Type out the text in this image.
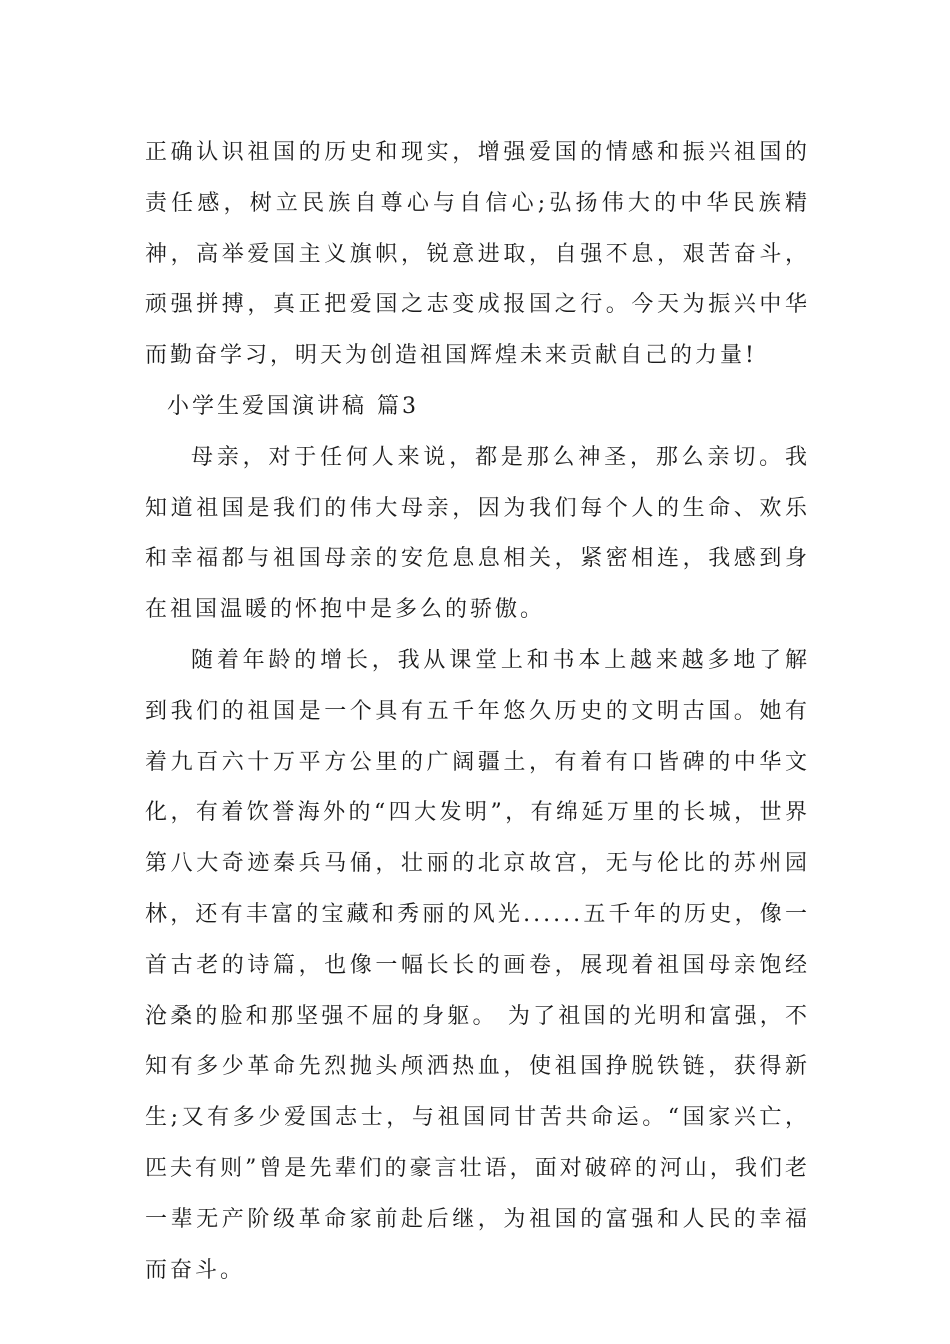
正确认识祖国的历史和现实，增强爱国的情感和振兴祖国的责任感，树立民族自尊心与自信心;弘扬伟大的中华民族精神，高举爱国主义旗帜，锐意进取，自强不息，艰苦奋斗，顽强拼搏，真正把爱国之志变成报国之行。今天为振兴中华而勤奋学习，明天为创造祖国辉煌未来贡献自己的力量!

小学生爱国演讲稿 篇3

母亲，对于任何人来说，都是那么神圣，那么亲切。我知道祖国是我们的伟大母亲，因为我们每个人的生命、欢乐和幸福都与祖国母亲的安危息息相关，紧密相连，我感到身在祖国温暖的怀抱中是多么的骄傲。

随着年龄的增长，我从课堂上和书本上越来越多地了解到我们的祖国是一个具有五千年悠久历史的文明古国。她有着九百六十万平方公里的广阔疆土，有着有口皆碑的中华文化，有着饮誉海外的“四大发明”，有绵延万里的长城，世界第八大奇迹秦兵马俑，壮丽的北京故宫，无与伦比的苏州园林，还有丰富的宝藏和秀丽的风光......五千年的历史，像一首古老的诗篇，也像一幅长长的画卷，展现着祖国母亲饱经沧桑的脸和那坚强不屈的身躯。 为了祖国的光明和富强，不知有多少革命先烈抛头颅洒热血，使祖国挣脱铁链，获得新生;又有多少爱国志士，与祖国同甘苦共命运。“国家兴亡，匹夫有则”曾是先辈们的豪言壮语，面对破碎的河山，我们老一辈无产阶级革命家前赴后继，为祖国的富强和人民的幸福而奋斗。
